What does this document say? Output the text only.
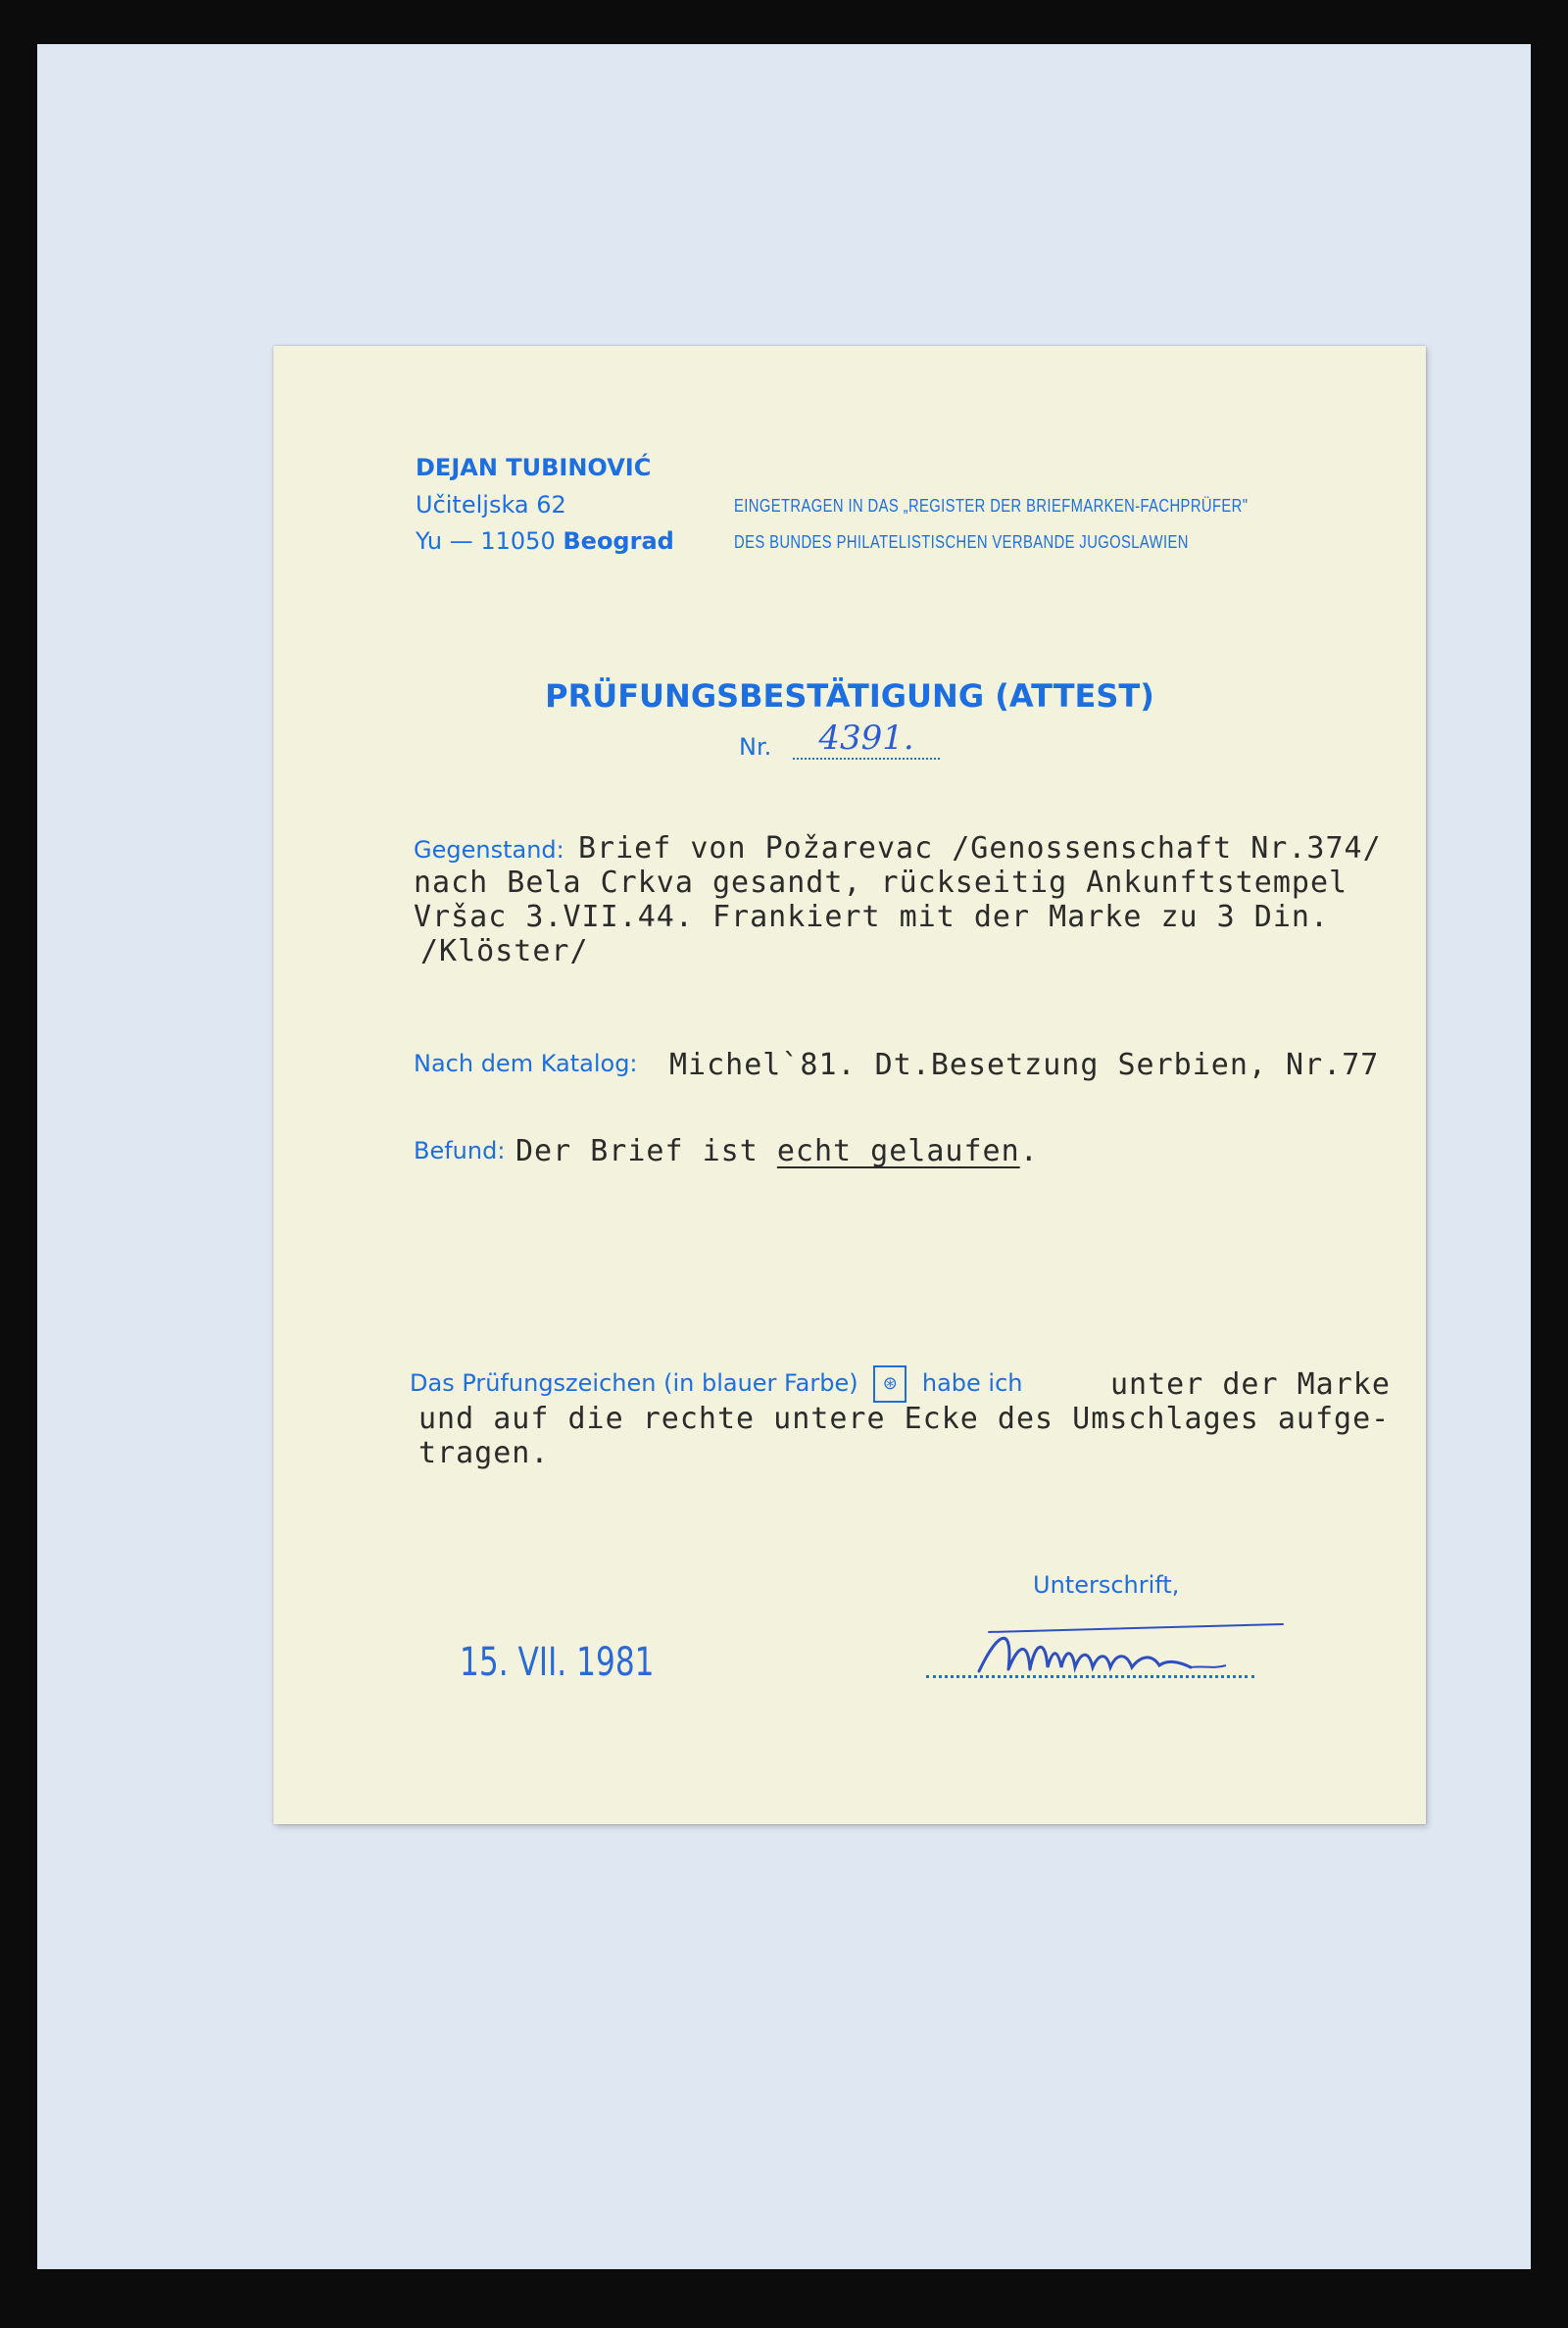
DEJAN TUBINOVIĆ
Učiteljska 62
Yu — 11050 Beograd
EINGETRAGEN IN DAS „REGISTER DER BRIEFMARKEN-FACHPRÜFER"
DES BUNDES PHILATELISTISCHEN VERBANDE JUGOSLAWIEN
PRÜFUNGSBESTÄTIGUNG (ATTEST)
Nr.	4391.
Gegenstand: Brief von Požarevac /Genossenschaft Nr.374/
nach Bela Crkva gesandt, rückseitig Ankunftstempel
Vršac 3.VII.44. Frankiert mit der Marke zu 3 Din.
/Klöster/
Nach dem Katalog: Michel`81. Dt.Besetzung Serbien, Nr.77
Befund: Der Brief ist echt gelaufen.
Das Prüfungszeichen (in blauer Farbe) ⊛ habe ich	unter der Marke
und auf die rechte untere Ecke des Umschlages aufge-
tragen.
Unterschrift,
15. VII. 1981
